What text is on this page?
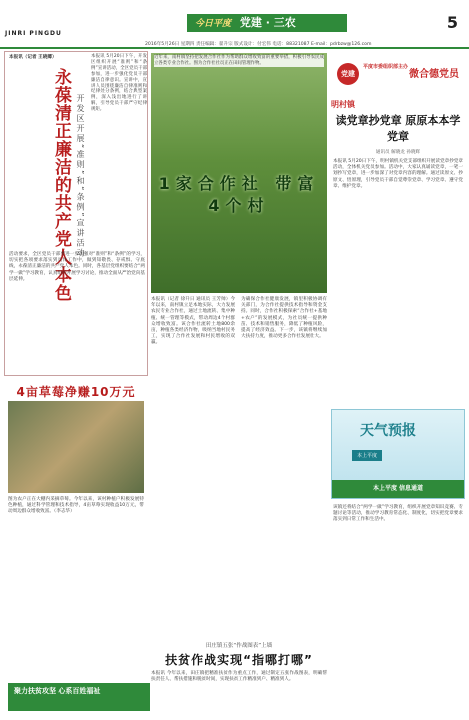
今日平度 党建 · 三农	5
JINRI PINGDU
2016年5月26日 星期四 责任编辑：翟升宗 版式设计：付宏伟 电话：88321087 E-mail：pdrbzw@126.com
本报讯（记者 王晓卿）
永葆清正廉洁的共产党人本色 开发区开展“准则”和“条例”宣讲活动
本报讯 5月20日下午，开发区组织开展“准则”和“条例”宣讲活动，全区党员干部参加，进一步强化党员干部廉洁自律意识。宣讲中，宣讲人员围绕廉洁自律准则和纪律处分条例，结合典型案例，深入浅出地进行了讲解，引导党员干部严守纪律规矩。
活动要求，全区党员干部要进一步加强对“准则”和“条例”的学习，切实把各项要求落实到具体工作中，做到知敬畏、存戒惧、守底线，永葆清正廉洁的共产党人本色。同时，各基层党组织要结合“两学一做”学习教育，认真组织开展学习讨论，推动全面从严治党向基层延伸。
4亩草莓净赚10万元
图为农户正在大棚内采摘草莓。今年以来，该村种植户积极发展特色种植，通过科学管理和技术指导，4亩草莓实现收益10万元，带动周边群众增收致富。（李志华）
聚力扶贫攻坚 心系百姓福祉
近年来，南村镇坚持把发展合作社作为帮助群众增收致富的重要举措，积极引导农民成立各类专业合作社。图为合作社社员正在田间管理作物。
1家合作社 带富4个村
本报讯（记者 徐升日 通讯员 王芳帅）今年以来，南村镇立足本地实际，大力发展农民专业合作社，通过土地流转、集中种植、统一管理等模式，带动周边4个村群众增收致富。该合作社流转土地800余亩，种植各类经济作物，吸纳当地村民务工，实现了合作社发展和村民增收的双赢。
为确保合作社健康发展，镇里积极协调有关部门，为合作社提供技术指导和资金支持。同时，合作社积极探索“合作社+基地+农户”的发展模式，为社员统一提供种苗、技术和销售服务，降低了种植风险，提高了经济效益。下一步，该镇将继续加大扶持力度，推动更多合作社发展壮大。
田庄镇五张“作战图表”上墙
扶贫作战实现“指哪打哪”
本报讯 今年以来，田庄镇把精准扶贫作为重点工作，通过制定五张作战图表，明确帮扶责任人、帮扶措施和脱贫时间，实现扶贫工作精准到户、精准到人。
党建
平度市委组织部主办
微合德党员
明村镇
读党章抄党章 原原本本学党章
通讯员 解晓龙 孙晓辉
本报讯 5月20日下午，明村镇机关党支部组织开展读党章抄党章活动，全体机关党员参加。活动中，大家认真诵读党章，一笔一划抄写党章，进一步加深了对党章内容的理解。通过读原文、抄原文、悟原理，引导党员干部自觉尊崇党章、学习党章、遵守党章、维护党章。
天气预报
本上平度
本上平度 信息通道
该镇还将结合“两学一做”学习教育，组织开展党章知识竞赛、专题讨论等活动，推动学习教育常态化、制度化，切实把党章要求落实到日常工作和生活中。
